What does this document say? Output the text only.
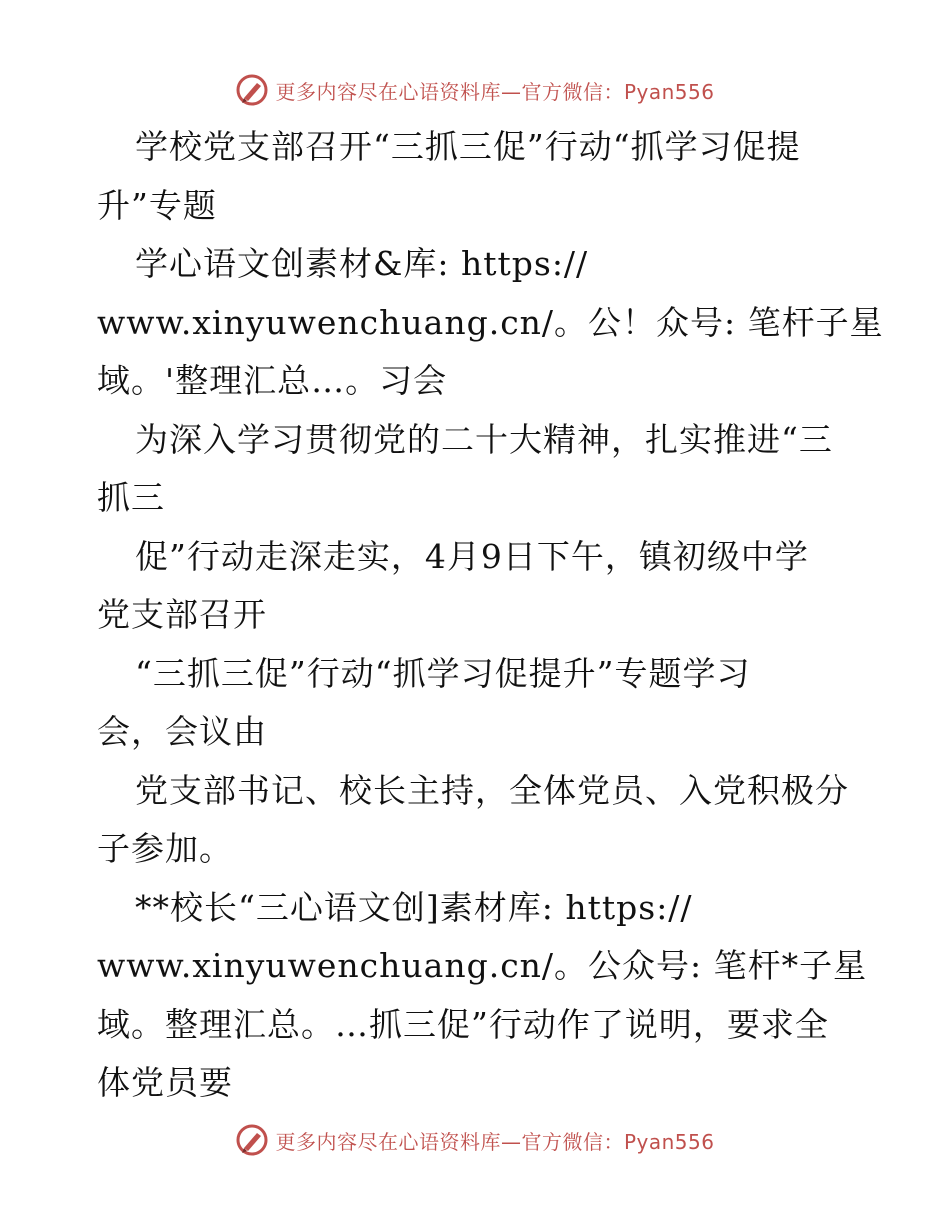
更多内容尽在心语资料库—官方微信：Pyan556
学校党支部召开“三抓三促”行动“抓学习促提
升”专题
学心语文创素材&库: https://
www.xinyuwenchuang.cn/。公！众号: 笔杆子星
域。'整理汇总…。习会
为深入学习贯彻党的二十大精神，扎实推进“三
抓三
促”行动走深走实，4月9日下午，镇初级中学
党支部召开
“三抓三促”行动“抓学习促提升”专题学习
会，会议由
党支部书记、校长主持，全体党员、入党积极分
子参加。
**校长“三心语文创]素材库: https://
www.xinyuwenchuang.cn/。公众号: 笔杆*子星
域。整理汇总。…抓三促”行动作了说明，要求全
体党员要
更多内容尽在心语资料库—官方微信：Pyan556
